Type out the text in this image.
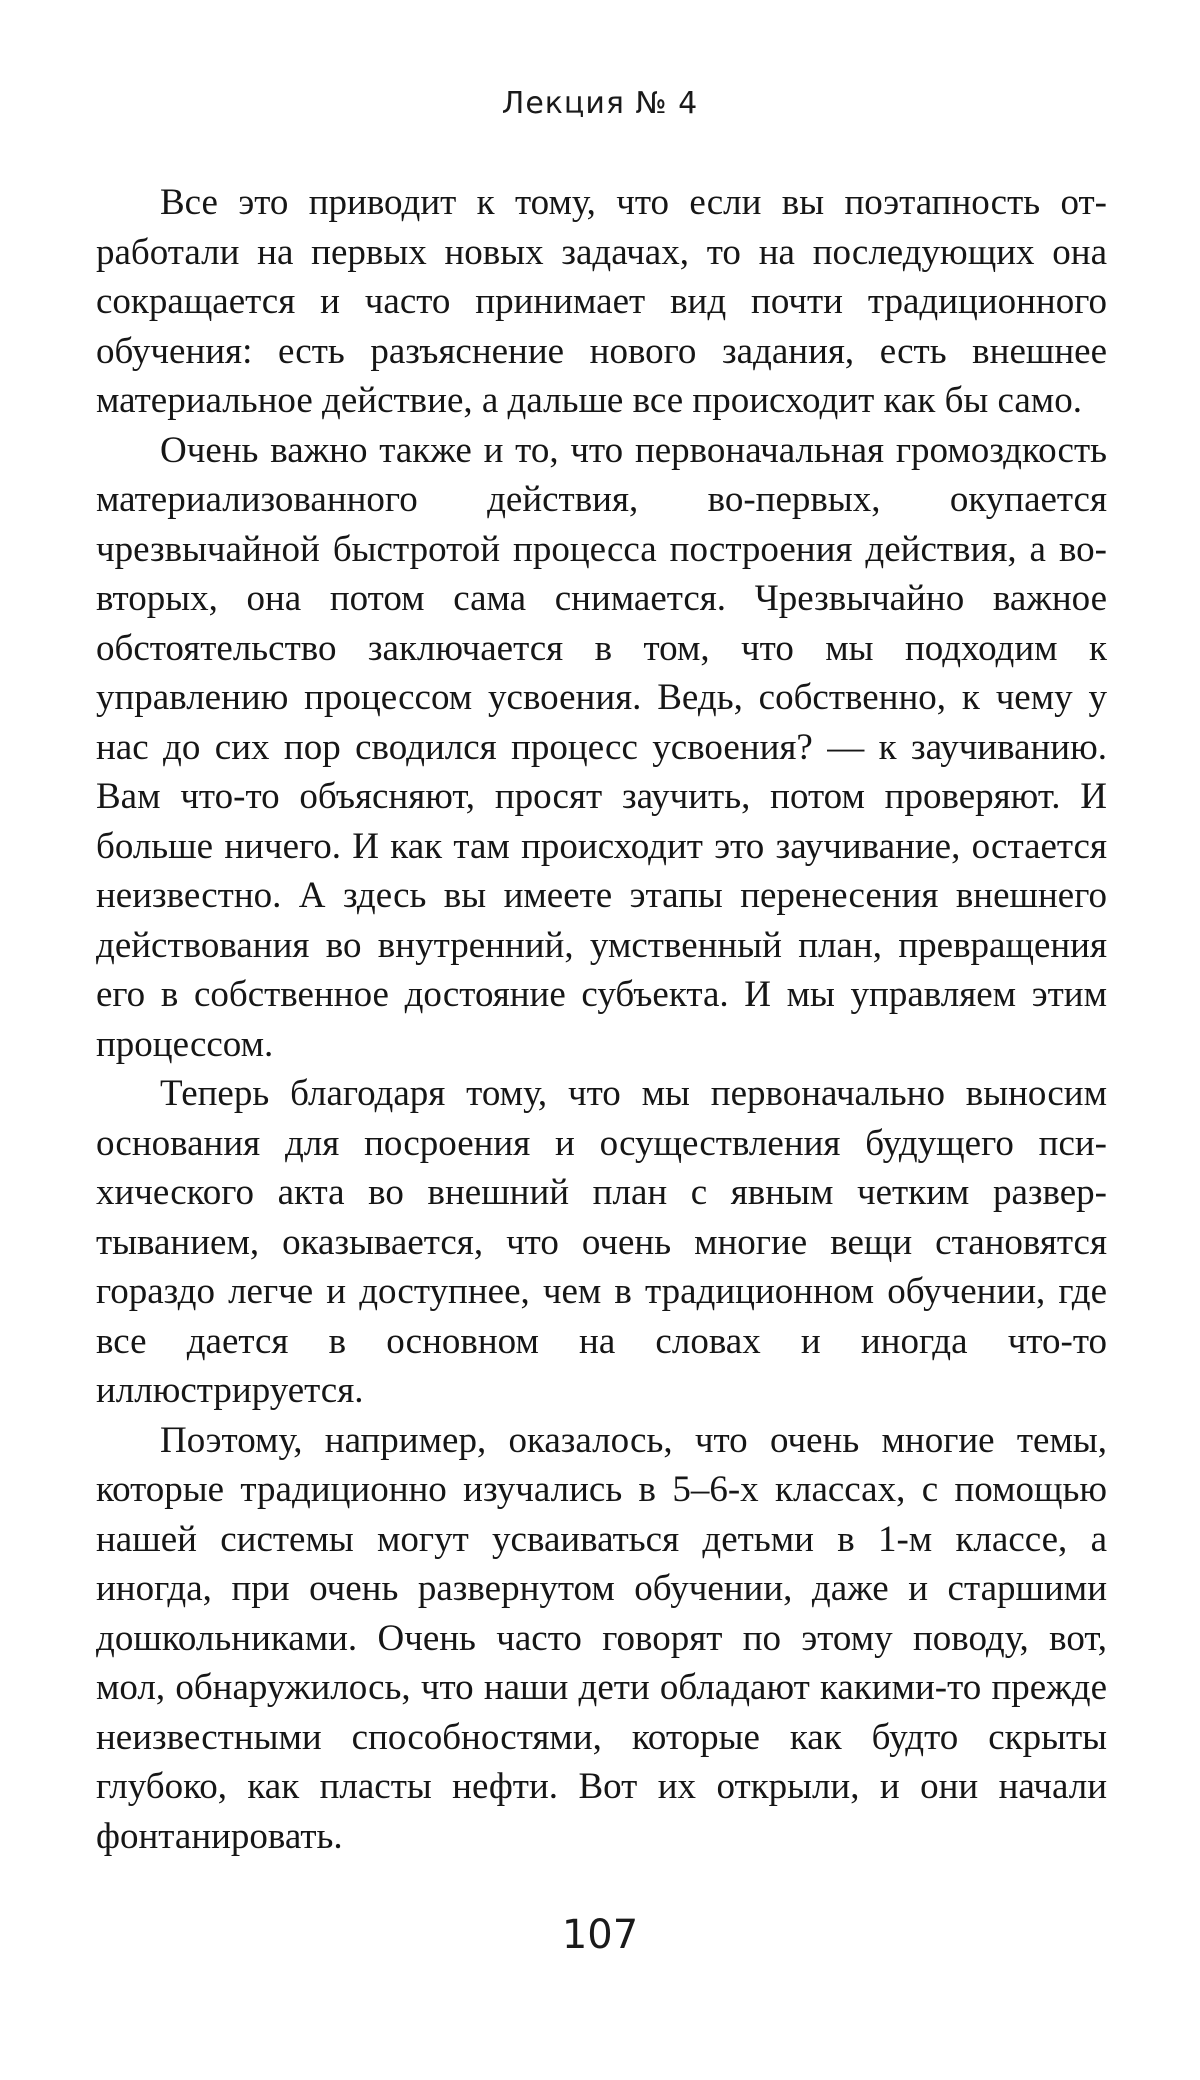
Лекция № 4

Все это приводит к тому, что если вы поэтапность отработали на первых новых задачах, то на последующих она сокращается и часто принимает вид почти традиционного обучения: есть разъяснение нового задания, есть внешнее материальное действие, а дальше все происходит как бы само.

Очень важно также и то, что первоначальная громоздкость материализованного действия, во-первых, окупается чрезвычайной быстротой процесса построения действия, а во-вторых, она потом сама снимается. Чрезвычайно важное обстоятельство заключается в том, что мы подходим к управлению процессом усвоения. Ведь, собственно, к чему у нас до сих пор сводился процесс усвоения? — к заучиванию. Вам что-то объясняют, просят заучить, потом проверяют. И больше ничего. И как там происходит это заучивание, остается неизвестно. А здесь вы имеете этапы перенесения внешнего действования во внутренний, умственный план, превращения его в собственное достояние субъекта. И мы управляем этим процессом.

Теперь благодаря тому, что мы первоначально выносим основания для посроения и осуществления будущего психического акта во внешний план с явным четким развертыванием, оказывается, что очень многие вещи становятся гораздо легче и доступнее, чем в традиционном обучении, где все дается в основном на словах и иногда что-то иллюстрируется.

Поэтому, например, оказалось, что очень многие темы, которые традиционно изучались в 5–6-х классах, с помощью нашей системы могут усваиваться детьми в 1-м классе, а иногда, при очень развернутом обучении, даже и старшими дошкольниками. Очень часто говорят по этому поводу, вот, мол, обнаружилось, что наши дети обладают какими-то прежде неизвестными способностями, которые как будто скрыты глубоко, как пласты нефти. Вот их открыли, и они начали фонтанировать.

107
